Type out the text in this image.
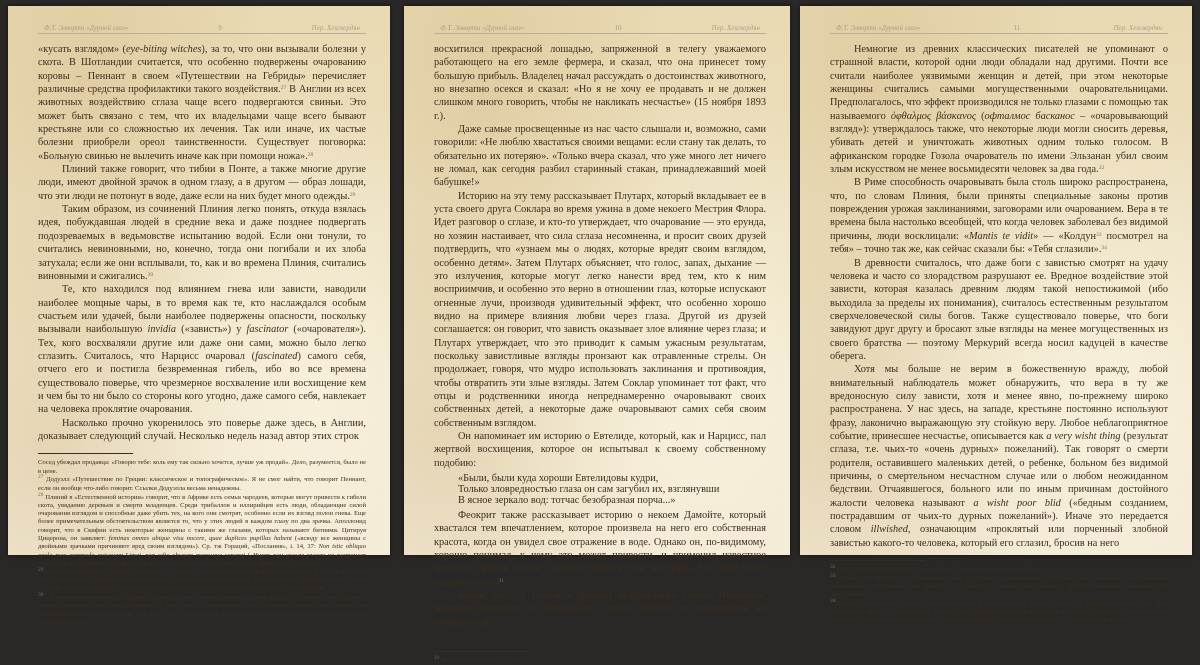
Ф.Т. Элворти «Дурной глаз»	9	Пер. Хехсвердян

«кусать взглядом» (eye-biting witches), за то, что они вызывали болезни у скота. В Шотландии считается, что особенно подвержены очарованию коровы – Пеннант в своем «Путешествии на Гебриды» перечисляет различные средства профилактики такого воздействия.$^{27}$ В Англии из всех животных воздействию сглаза чаще всего подвергаются свиньи. Это может быть связано с тем, что их владельцами чаще всего бывают крестьяне или со сложностью их лечения. Так или иначе, их частые болезни приобрели ореол таинственности. Существует поговорка: «Больную свинью не вылечить иначе как при помощи ножа».$^{28}$

Плиний также говорит, что тибии в Понте, а также многие другие люди, имеют двойной зрачок в одном глазу, а в другом — образ лошади, что эти люди не потонут в воде, даже если на них будет много одежды.$^{29}$

Таким образом, из сочинений Плиния легко понять, откуда взялась идея, побуждавшая людей в средние века и даже позднее подвергать подозреваемых в ведьмовстве испытанию водой. Если они тонули, то считались невиновными, но, конечно, тогда они погибали и их злоба затухала; если же они всплывали, то, как и во времена Плиния, считались виновными и сжигались.$^{30}$

Те, кто находился под влиянием гнева или зависти, наводили наиболее мощные чары, в то время как те, кто наслаждался особым счастьем или удачей, были наиболее подвержены опасности, поскольку вызывали наибольшую invidia («зависть») у fascinator («очарователя»). Тех, кого восхваляли другие или даже они сами, можно было легко сглазить. Считалось, что Нарцисс очаровал (fascinated) самого себя, отчего его и постигла безвременная гибель, ибо во все времена существовало поверье, что чрезмерное восхваление или восхищение кем и чем бы то ни было со стороны кого угодно, даже самого себя, навлекает на человека проклятие очарования.

Насколько прочно укоренилось это поверье даже здесь, в Англии, доказывает следующий случай. Несколько недель назад автор этих строк

Сосед убеждал продавца: «Говорю тебе: коль ему так сильно хочется, лучше уж продай». Дело, разумеется, было не в цене.

$^{27}$ Додуэлл «Путешествие по Греции: классическое и топографическое». Я не смог найти, что говорит Пеннант, если он вообще что-либо говорит. Ссылки Додуэлла весьма ненадежны.

$^{28}$ Плиний в «Естественной истории» говорит, что в Африке есть семьи чародеев, которые могут привести к гибели скота, увяданию деревьев и смерти младенцев. Среди трибаллов и иллирийцев есть люди, обладающие силой очарования взглядом и способные даже убить тех, на кого они смотрят, особенно если их взгляд полон гнева. Еще более примечательным обстоятельством является то, что у этих людей в каждом глазу по два зрачка. Аполлонид говорит, что в Скифии есть некоторые женщины с такими же глазами, которых называют битиями. Цитируя Цицерона, он заявляет: feminas omnes ubique visu nocere, quae duplices pupillas habent («всюду все женщины с двойными зрачками причиняют вред своим взглядом»). Ср. тж Гораций, «Послания», i. 14, 37: Non istic obliquo oculo mea commoda quisquam Limat, non odio obscuro morsuque venenat («Никто там косым глазом не разрушает блага мои, не отравляет тайной злобой и укусом»). См. тж Бэкон, Очерк IX, и Фроммани, «Трактат».

$^{29}$ Овидий («Любовные элегии», Элегия 8, 15) говорит: Oculis quoque pupula duplex Fulminat et geminum lumen ab orbe venit («Глаз с двойным зрачком излучает два света и мечет молнии»). Он же говорит («Метаморфозы», книга vii, 364), что жители Родоса, равно как тельхины повреждали все, на что смотрели. См. тж Фроммани.

$^{30}$ Об этом плавании ведьм см. Брэнд. «Природа сочла целесообразным создать яды во всех частях тела, и даже в глазах некоторых людей, позаботившись о том, чтобы в человеческом теле не было никакого зла, которого не существует в природе» (Плиний, Ест. ист.). Эту главу Плиния стоит внимательно прочитать; см. тж примечания доктора Востока.

Ф.Т. Элворти «Дурной глаз»	10	Пер. Хехсвердян

восхитился прекрасной лошадью, запряженной в телегу уважаемого работающего на его земле фермера, и сказал, что она принесет тому большую прибыль. Владелец начал рассуждать о достоинствах животного, но внезапно осекся и сказал: «Но я не хочу ее продавать и не должен слишком много говорить, чтобы не накликать несчастье» (15 ноября 1893 г.).

Даже самые просвещенные из нас часто слышали и, возможно, сами говорили: «Не люблю хвастаться своими вещами: если стану так делать, то обязательно их потеряю». «Только вчера сказал, что уже много лет ничего не ломал, как сегодня разбил старинный стакан, принадлежавший моей бабушке!»

Историю на эту тему рассказывает Плутарх, который вкладывает ее в уста своего друга Соклара во время ужина в доме некоего Местрия Флора. Идет разговор о сглазе, и кто-то утверждает, что очарование — это ерунда, но хозяин настаивает, что сила сглаза несомненна, и просит своих друзей подтвердить, что «узнаем мы о людях, которые вредят своим взглядом, особенно детям». Затем Плутарх объясняет, что голос, запах, дыхание — это излучения, которые могут легко нанести вред тем, кто к ним восприимчив, и особенно это верно в отношении глаз, которые испускают огненные лучи, производя удивительный эффект, что особенно хорошо видно на примере влияния любви через глаза. Другой из друзей соглашается: он говорит, что зависть оказывает злое влияние через глаза; и Плутарх утверждает, что это приводит к самым ужасным результатам, поскольку завистливые взгляды пронзают как отравленные стрелы. Он продолжает, говоря, что мудро использовать заклинания и противоядия, чтобы отвратить эти злые взгляды. Затем Соклар упоминает тот факт, что отцы и родственники иногда непреднамеренно очаровывают своих собственных детей, а некоторые даже очаровывают самих себя своим собственным взглядом.

Он напоминает им историю о Евтелиде, который, как и Нарцисс, пал жертвой восхищения, которое он испытывал к своему собственному подобию:

«Были, были куда хороши Евтелидовы кудри,
Только зловредностью глаза он сам загубил их, взглянувши
В ясное зеркало вод: тотчас безобразная порча...»

Феокрит также рассказывает историю о некоем Дамойте, который хвастался тем впечатлением, которое произвела на него его собственная красота, когда он увидел свое отражение в воде. Однако он, по-видимому, хорошо понимал, к чему это может привести, и применил известное средство против сглаза, трижды плюнув себе на грудь. Об этом будет сказано позже.$^{31}$

Кроме того, у греков и римлян воздвигались статуи Немезиды, которую почитали и призывали, чтобы спасти от очарования ее почитателей.

$^{31}$ Феокрит «Идиллии», vi, 39.

Ф.Т. Элворти «Дурной глаз»	11	Пер. Хехсвердян

Немногие из древних классических писателей не упоминают о страшной власти, которой одни люди обладали над другими. Почти все считали наиболее уязвимыми женщин и детей, при этом некоторые женщины считались самыми могущественными очаровательницами. Предполагалось, что эффект производился не только глазами с помощью так называемого ὀφθαλμος βάσκανος (офталмос басканос – «очаровывающий взгляд»): утверждалось также, что некоторые люди могли сносить деревья, убивать детей и уничтожать животных одним только голосом. В африканском городке Гозола очарователь по имени Эльзанан убил своим злым искусством не менее восьмидесяти человек за два года.$^{32}$

В Риме способность очаровывать была столь широко распространена, что, по словам Плиния, были приняты специальные законы против повреждения урожая заклинаниями, заговорами или очарованием. Вера в те времена была настолько всеобщей, что когда человек заболевал без видимой причины, люди восклицали: «Mantis te vidit» — «Колдун$^{33}$ посмотрел на тебя» – точно так же, как сейчас сказали бы: «Тебя сглазили».$^{34}$

В древности считалось, что даже боги с завистью смотрят на удачу человека и часто со злорадством разрушают ее. Вредное воздействие этой зависти, которая казалась древним людям такой непостижимой (ибо выходила за пределы их понимания), считалось естественным результатом сверхчеловеческой силы богов. Также существовало поверье, что боги завидуют друг другу и бросают злые взгляды на менее могущественных из своего братства — поэтому Меркурий всегда носил кадуцей в качестве оберега.

Хотя мы больше не верим в божественную вражду, любой внимательный наблюдатель может обнаружить, что вера в ту же вредоносную силу зависти, хотя и менее явно, по-прежнему широко распространена. У нас здесь, на западе, крестьяне постоянно используют фразу, лаконично выражающую эту стойкую веру. Любое неблагоприятное событие, принесшее несчастье, описывается как a very wisht thing (результат сглаза, т.е. чьих-то «очень дурных» пожеланий). Так говорят о смерти родителя, оставившего маленьких детей, о ребенке, больном без видимой причины, о смертельном несчастном случае или о любом неожиданном бедствии. Отчаявшегося, больного или по иным причинам достойного жалости человека называют a wisht poor blid («бедным созданием, пострадавшим от чьих-то дурных пожеланий»). Иначе это передается словом illwished, означающим «проклятый или порченный злобной завистью какого-то человека, который его сглазил, бросив на него

$^{32}$ Цит. Андреаса Тураса в кн. Стори «Замок Святого Ангела и дурной глаз».

$^{33}$ Прим. пер. Mantis - от греческого μάντις («пророк, предсказатель»). Позднее из-за ошибочного истолкования превратился в «богомола» (лат. mantis), в результате чего люди стали говорить: «На тебя посмотрел богомол» (см. прим. ниже).

$^{34}$Mantis, locustae genus, quae in stipulis enascitur, si quod inspexerit animal protinus illi quippiam producit mali. Hinc Proverbium: Mantis te vidit («Если богомол, вид саранчи, который рождается на стерне, посмотрит на какое-либо животное, то тотчас причинит ему зло. Отсюда выражение "Богомол тебя увидел"») — Фроммани, Тракт.
